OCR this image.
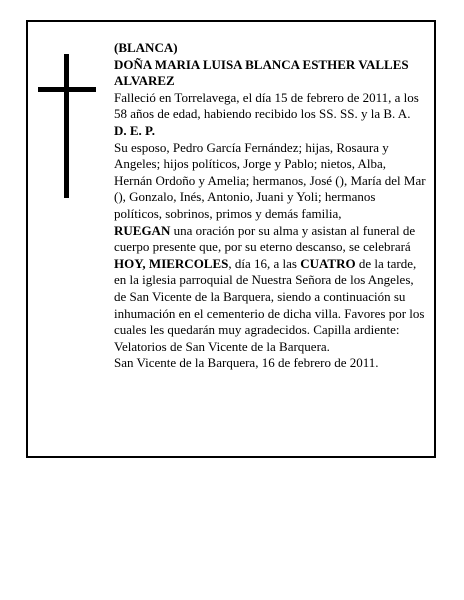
(BLANCA)

DOÑA MARIA LUISA BLANCA ESTHER VALLES ALVAREZ

Falleció en Torrelavega, el día 15 de febrero de 2011, a los 58 años de edad, habiendo recibido los SS. SS. y la B. A.

D. E. P.

Su esposo, Pedro García Fernández; hijas, Rosaura y Angeles; hijos políticos, Jorge y Pablo; nietos, Alba, Hernán Ordoño y Amelia; hermanos, José (), María del Mar (), Gonzalo, Inés, Antonio, Juani y Yoli; hermanos políticos, sobrinos, primos y demás familia,

RUEGAN una oración por su alma y asistan al funeral de cuerpo presente que, por su eterno descanso, se celebrará HOY, MIERCOLES, día 16, a las CUATRO de la tarde, en la iglesia parroquial de Nuestra Señora de los Angeles, de San Vicente de la Barquera, siendo a continuación su inhumación en el cementerio de dicha villa. Favores por los cuales les quedarán muy agradecidos. Capilla ardiente: Velatorios de San Vicente de la Barquera.

San Vicente de la Barquera, 16 de febrero de 2011.
